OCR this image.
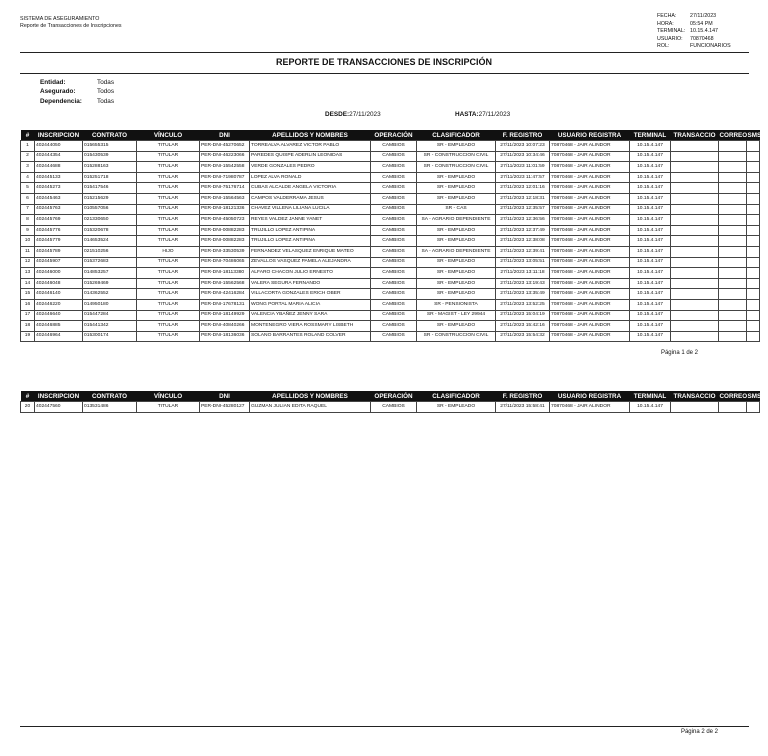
SISTEMA DE ASEGURAMIENTO
Reporte de Transacciones de Inscripciones
FECHA:	27/11/2023
HORA:	05:54 PM
TERMINAL: 10.15.4.147
USUARIO:	70870468
ROL:	FUNCIONARIOS
REPORTE DE TRANSACCIONES DE INSCRIPCIÓN
Entidad:	Todas
Asegurado:	Todos
Dependencia:	Todas
DESDE:27/11/2023	HASTA:27/11/2023
#	INSCRIPCION	CONTRATO	VÍNCULO	DNI	APELLIDOS Y NOMBRES	OPERACIÓN	CLASIFICADOR	F. REGISTRO	USUARIO REGISTRA	TERMINAL	TRANSACCIO	CORREO	SMS
1	402444050	015655315	TITULAR	PER-DNI-45270652	TORREALVA ALVAREZ VICTOR PABLO	CAMBIOS	SR - EMPLEADO	27/11/2023 10:07:23	70870468 - JAIR ALINDOR	10.15.4.147			
2	402444354	015430539	TITULAR	PER-DNI-46223066	PAREDES QUISPE ADERLIN LEONIDAS	CAMBIOS	SR - CONSTRUCCION CIVIL	27/11/2023 10:34:46	70870468 - JAIR ALINDOR	10.15.4.147			
3	402444688	015288163	TITULAR	PER-DNI-15542558	VERDE GONZALES PEDRO	CAMBIOS	SR - CONSTRUCCION CIVIL	27/11/2023 11:01:59	70870468 - JAIR ALINDOR	10.15.4.147			
4	402445133	015251718	TITULAR	PER-DNI-71980787	LOPEZ ALVA RONALD	CAMBIOS	SR - EMPLEADO	27/11/2023 11:47:57	70870468 - JAIR ALINDOR	10.15.4.147			
5	402445273	015417546	TITULAR	PER-DNI-75176714	CUBAS ALCALDE ANGELA VICTORIA	CAMBIOS	SR - EMPLEADO	27/11/2023 12:01:16	70870468 - JAIR ALINDOR	10.15.4.147			
6	402445463	015215629	TITULAR	PER-DNI-15564563	CAMPOS VALDERRAMA JESUS	CAMBIOS	SR - EMPLEADO	27/11/2023 12:18:31	70870468 - JAIR ALINDOR	10.15.4.147			
7	402445763	010557056	TITULAR	PER-DNI-18121336	CHAVEZ VILLENA LILIANA LUCILA	CAMBIOS	SR - CAS	27/11/2023 12:35:57	70870468 - JAIR ALINDOR	10.15.4.147			
8	402445769	021330650	TITULAR	PER-DNI-45050723	REYES VALDEZ JANNE YANET	CAMBIOS	SA - AGRARIO DEPENDIENTE	27/11/2023 12:36:56	70870468 - JAIR ALINDOR	10.15.4.147			
9	402445776	015320678	TITULAR	PER-DNI-00882283	TRUJILLO LOPEZ ANTIPINA	CAMBIOS	SR - EMPLEADO	27/11/2023 12:37:49	70870468 - JAIR ALINDOR	10.15.4.147			
10	402445779	014653524	TITULAR	PER-DNI-00882283	TRUJILLO LOPEZ ANTIPINA	CAMBIOS	SR - EMPLEADO	27/11/2023 12:38:08	70870468 - JAIR ALINDOR	10.15.4.147			
11	402445789	021510256	HIJO	PER-DNI-33530539	FERNANDEZ VELASQUEZ ENRIQUE MATEO	CAMBIOS	SA - AGRARIO DEPENDIENTE	27/11/2023 12:39:41	70870468 - JAIR ALINDOR	10.15.4.147			
12	402445907	015372683	TITULAR	PER-DNI-70486065	ZEVALLOS VASQUEZ PAMELA ALEJANDRA	CAMBIOS	SR - EMPLEADO	27/11/2023 13:05:51	70870468 - JAIR ALINDOR	10.15.4.147			
13	402446000	014853257	TITULAR	PER-DNI-18113380	ALFARO CHACON JULIO ERNESTO	CAMBIOS	SR - EMPLEADO	27/11/2023 13:11:18	70870468 - JAIR ALINDOR	10.15.4.147			
14	402446048	015269469	TITULAR	PER-DNI-15562568	VALERA SEGURA FERNANDO	CAMBIOS	SR - EMPLEADO	27/11/2023 13:19:43	70870468 - JAIR ALINDOR	10.15.4.147			
15	402446140	014362552	TITULAR	PER-DNI-42416284	VILLACORTA GONZALES ERICH OBER	CAMBIOS	SR - EMPLEADO	27/11/2023 13:35:49	70870468 - JAIR ALINDOR	10.15.4.147			
16	402446220	014950180	TITULAR	PER-DNI-17678131	WONG PORTAL MARIA ALICIA	CAMBIOS	SR - PENSIONISTA	27/11/2023 13:52:25	70870468 - JAIR ALINDOR	10.15.4.147			
17	402446640	015447284	TITULAR	PER-DNI-18149929	VALENCIA YBAÑEZ JENNY SARA	CAMBIOS	SR - MAGIST - LEY 29944	27/11/2023 15:04:19	70870468 - JAIR ALINDOR	10.15.4.147			
18	402446885	015441342	TITULAR	PER-DNI-40840266	MONTENEGRO VIERA ROSSMARY LISBETH	CAMBIOS	SR - EMPLEADO	27/11/2023 15:42:16	70870468 - JAIR ALINDOR	10.15.4.147			
19	402446964	015300174	TITULAR	PER-DNI-18136036	SOLANO BARRANTES ROLAND COLVER	CAMBIOS	SR - CONSTRUCCION CIVIL	27/11/2023 15:54:32	70870468 - JAIR ALINDOR	10.15.4.147			
Página 1 de 2
#	INSCRIPCION	CONTRATO	VÍNCULO	DNI	APELLIDOS Y NOMBRES	OPERACIÓN	CLASIFICADOR	F. REGISTRO	USUARIO REGISTRA	TERMINAL	TRANSACCIO	CORREO	SMS
20	402447560	013531486	TITULAR	PER-DNI-45280127	GUZMAN JULIAN EDITA RAQUEL	CAMBIOS	SR - EMPLEADO	27/11/2023 15:58:41	70870468 - JAIR ALINDOR	10.15.4.147			
Página 2 de 2
